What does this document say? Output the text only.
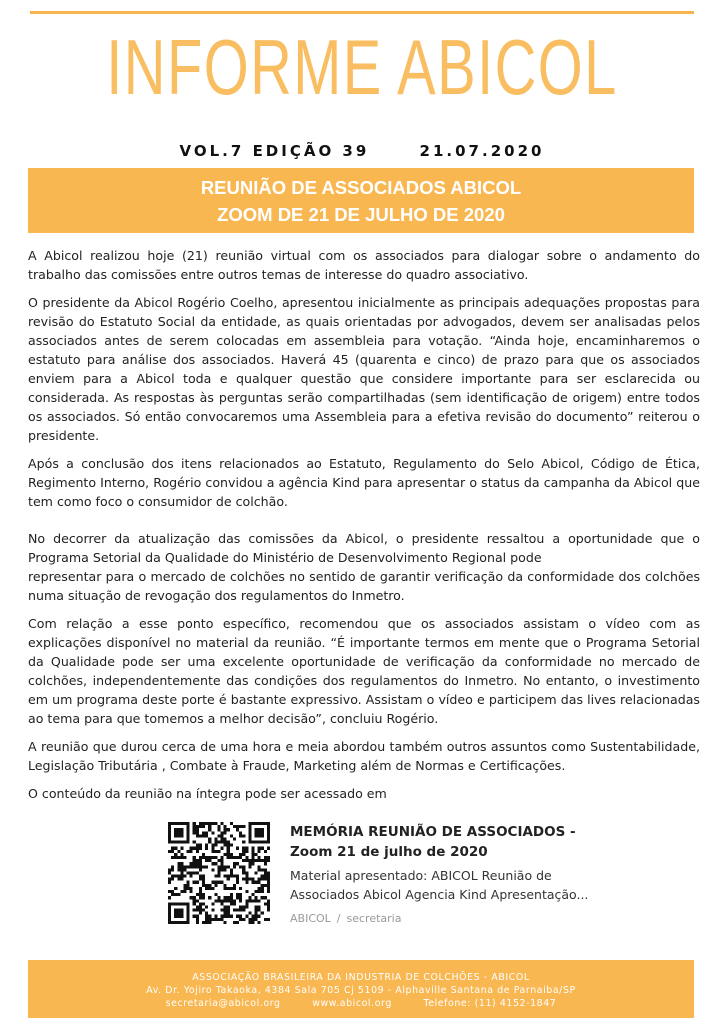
INFORME ABICOL
VOL.7 EDIÇÃO 39	21.07.2020
REUNIÃO DE ASSOCIADOS ABICOL
ZOOM DE 21 DE JULHO DE 2020

A Abicol realizou hoje (21) reunião virtual com os associados para dialogar sobre o andamento do trabalho das comissões entre outros temas de interesse do quadro associativo.

O presidente da Abicol Rogério Coelho, apresentou inicialmente as principais adequações propostas para revisão do Estatuto Social da entidade, as quais orientadas por advogados, devem ser analisadas pelos associados antes de serem colocadas em assembleia para votação. “Ainda hoje, encaminharemos o estatuto para análise dos associados. Haverá 45 (quarenta e cinco) de prazo para que os associados enviem para a Abicol toda e qualquer questão que considere importante para ser esclarecida ou considerada. As respostas às perguntas serão compartilhadas (sem identificação de origem) entre todos os associados. Só então convocaremos uma Assembleia para a efetiva revisão do documento” reiterou o presidente.

Após a conclusão dos itens relacionados ao Estatuto, Regulamento do Selo Abicol, Código de Ética, Regimento Interno, Rogério convidou a agência Kind para apresentar o status da campanha da Abicol que tem como foco o consumidor de colchão.

No decorrer da atualização das comissões da Abicol, o presidente ressaltou a oportunidade que o Programa Setorial da Qualidade do Ministério de Desenvolvimento Regional pode

representar para o mercado de colchões no sentido de garantir verificação da conformidade dos colchões numa situação de revogação dos regulamentos do Inmetro.

Com relação a esse ponto específico, recomendou que os associados assistam o vídeo com as explicações disponível no material da reunião. “É importante termos em mente que o Programa Setorial da Qualidade pode ser uma excelente oportunidade de verificação da conformidade no mercado de colchões, independentemente das condições dos regulamentos do Inmetro. No entanto, o investimento em um programa deste porte é bastante expressivo. Assistam o vídeo e participem das lives relacionadas ao tema para que tomemos a melhor decisão”, concluiu Rogério.

A reunião que durou cerca de uma hora e meia abordou também outros assuntos como Sustentabilidade, Legislação Tributária , Combate à Fraude, Marketing além de Normas e Certificações.

O conteúdo da reunião na íntegra pode ser acessado em

MEMÓRIA REUNIÃO DE ASSOCIADOS -
Zoom 21 de julho de 2020
Material apresentado: ABICOL Reunião de
Associados Abicol Agencia Kind Apresentação...
ABICOL / secretaria
ASSOCIAÇÃO BRASILEIRA DA INDUSTRIA DE COLCHÕES - ABICOL
Av. Dr. Yojiro Takaoka, 4384 Sala 705 Cj 5109 - Alphaville Santana de Parnaiba/SP
secretaria@abicol.org	www.abicol.org	Telefone: (11) 4152-1847
